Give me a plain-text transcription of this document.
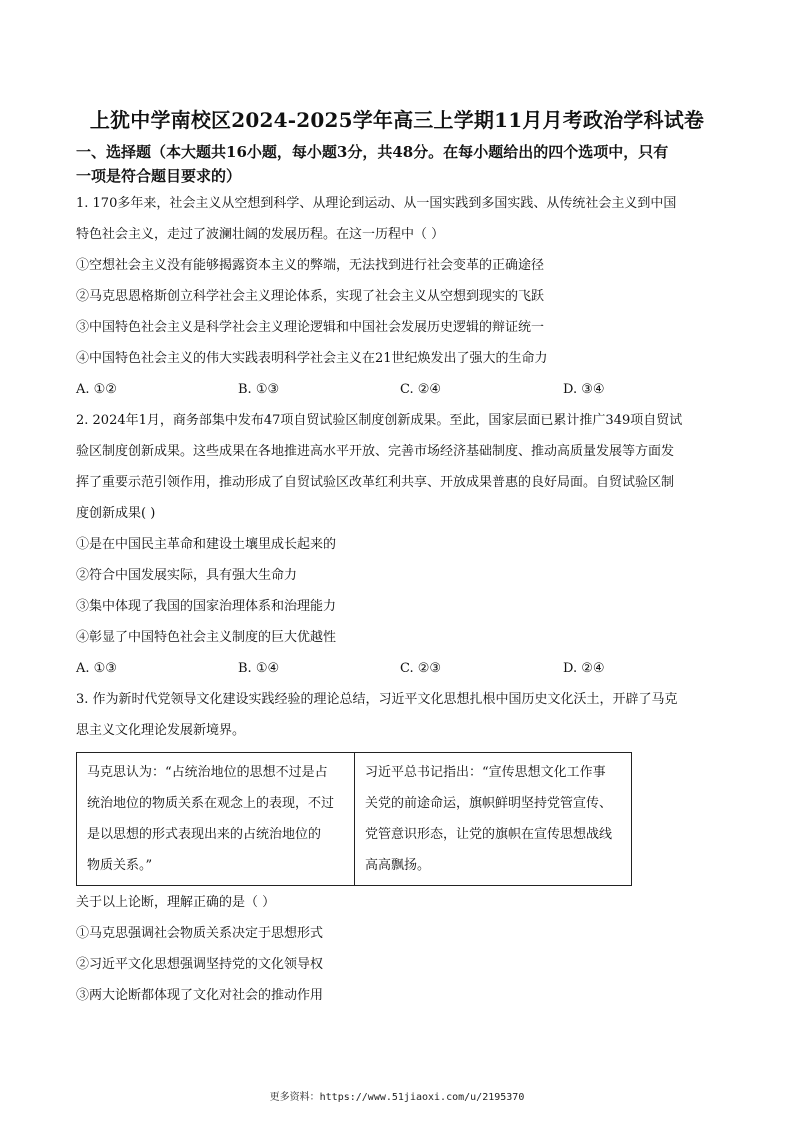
上犹中学南校区2024-2025学年高三上学期11月月考政治学科试卷
一、选择题（本大题共16小题，每小题3分，共48分。在每小题给出的四个选项中，只有
一项是符合题目要求的）
1. 170多年来，社会主义从空想到科学、从理论到运动、从一国实践到多国实践、从传统社会主义到中国
特色社会主义，走过了波澜壮阔的发展历程。在这一历程中（ ）
①空想社会主义没有能够揭露资本主义的弊端，无法找到进行社会变革的正确途径
②马克思恩格斯创立科学社会主义理论体系，实现了社会主义从空想到现实的飞跃
③中国特色社会主义是科学社会主义理论逻辑和中国社会发展历史逻辑的辩证统一
④中国特色社会主义的伟大实践表明科学社会主义在21世纪焕发出了强大的生命力
A. ①②	B. ①③	C. ②④	D. ③④
2. 2024年1月，商务部集中发布47项自贸试验区制度创新成果。至此，国家层面已累计推广349项自贸试
验区制度创新成果。这些成果在各地推进高水平开放、完善市场经济基础制度、推动高质量发展等方面发
挥了重要示范引领作用，推动形成了自贸试验区改革红利共享、开放成果普惠的良好局面。自贸试验区制
度创新成果( )
①是在中国民主革命和建设土壤里成长起来的
②符合中国发展实际，具有强大生命力
③集中体现了我国的国家治理体系和治理能力
④彰显了中国特色社会主义制度的巨大优越性
A. ①③	B. ①④	C. ②③	D. ②④
3. 作为新时代党领导文化建设实践经验的理论总结，习近平文化思想扎根中国历史文化沃土，开辟了马克
思主义文化理论发展新境界。
马克思认为：“占统治地位的思想不过是占
统治地位的物质关系在观念上的表现，不过
是以思想的形式表现出来的占统治地位的
物质关系。”
习近平总书记指出：“宣传思想文化工作事
关党的前途命运，旗帜鲜明坚持党管宣传、
党管意识形态，让党的旗帜在宣传思想战线
高高飘扬。
关于以上论断，理解正确的是（ ）
①马克思强调社会物质关系决定于思想形式
②习近平文化思想强调坚持党的文化领导权
③两大论断都体现了文化对社会的推动作用
更多资料：https://www.51jiaoxi.com/u/2195370
